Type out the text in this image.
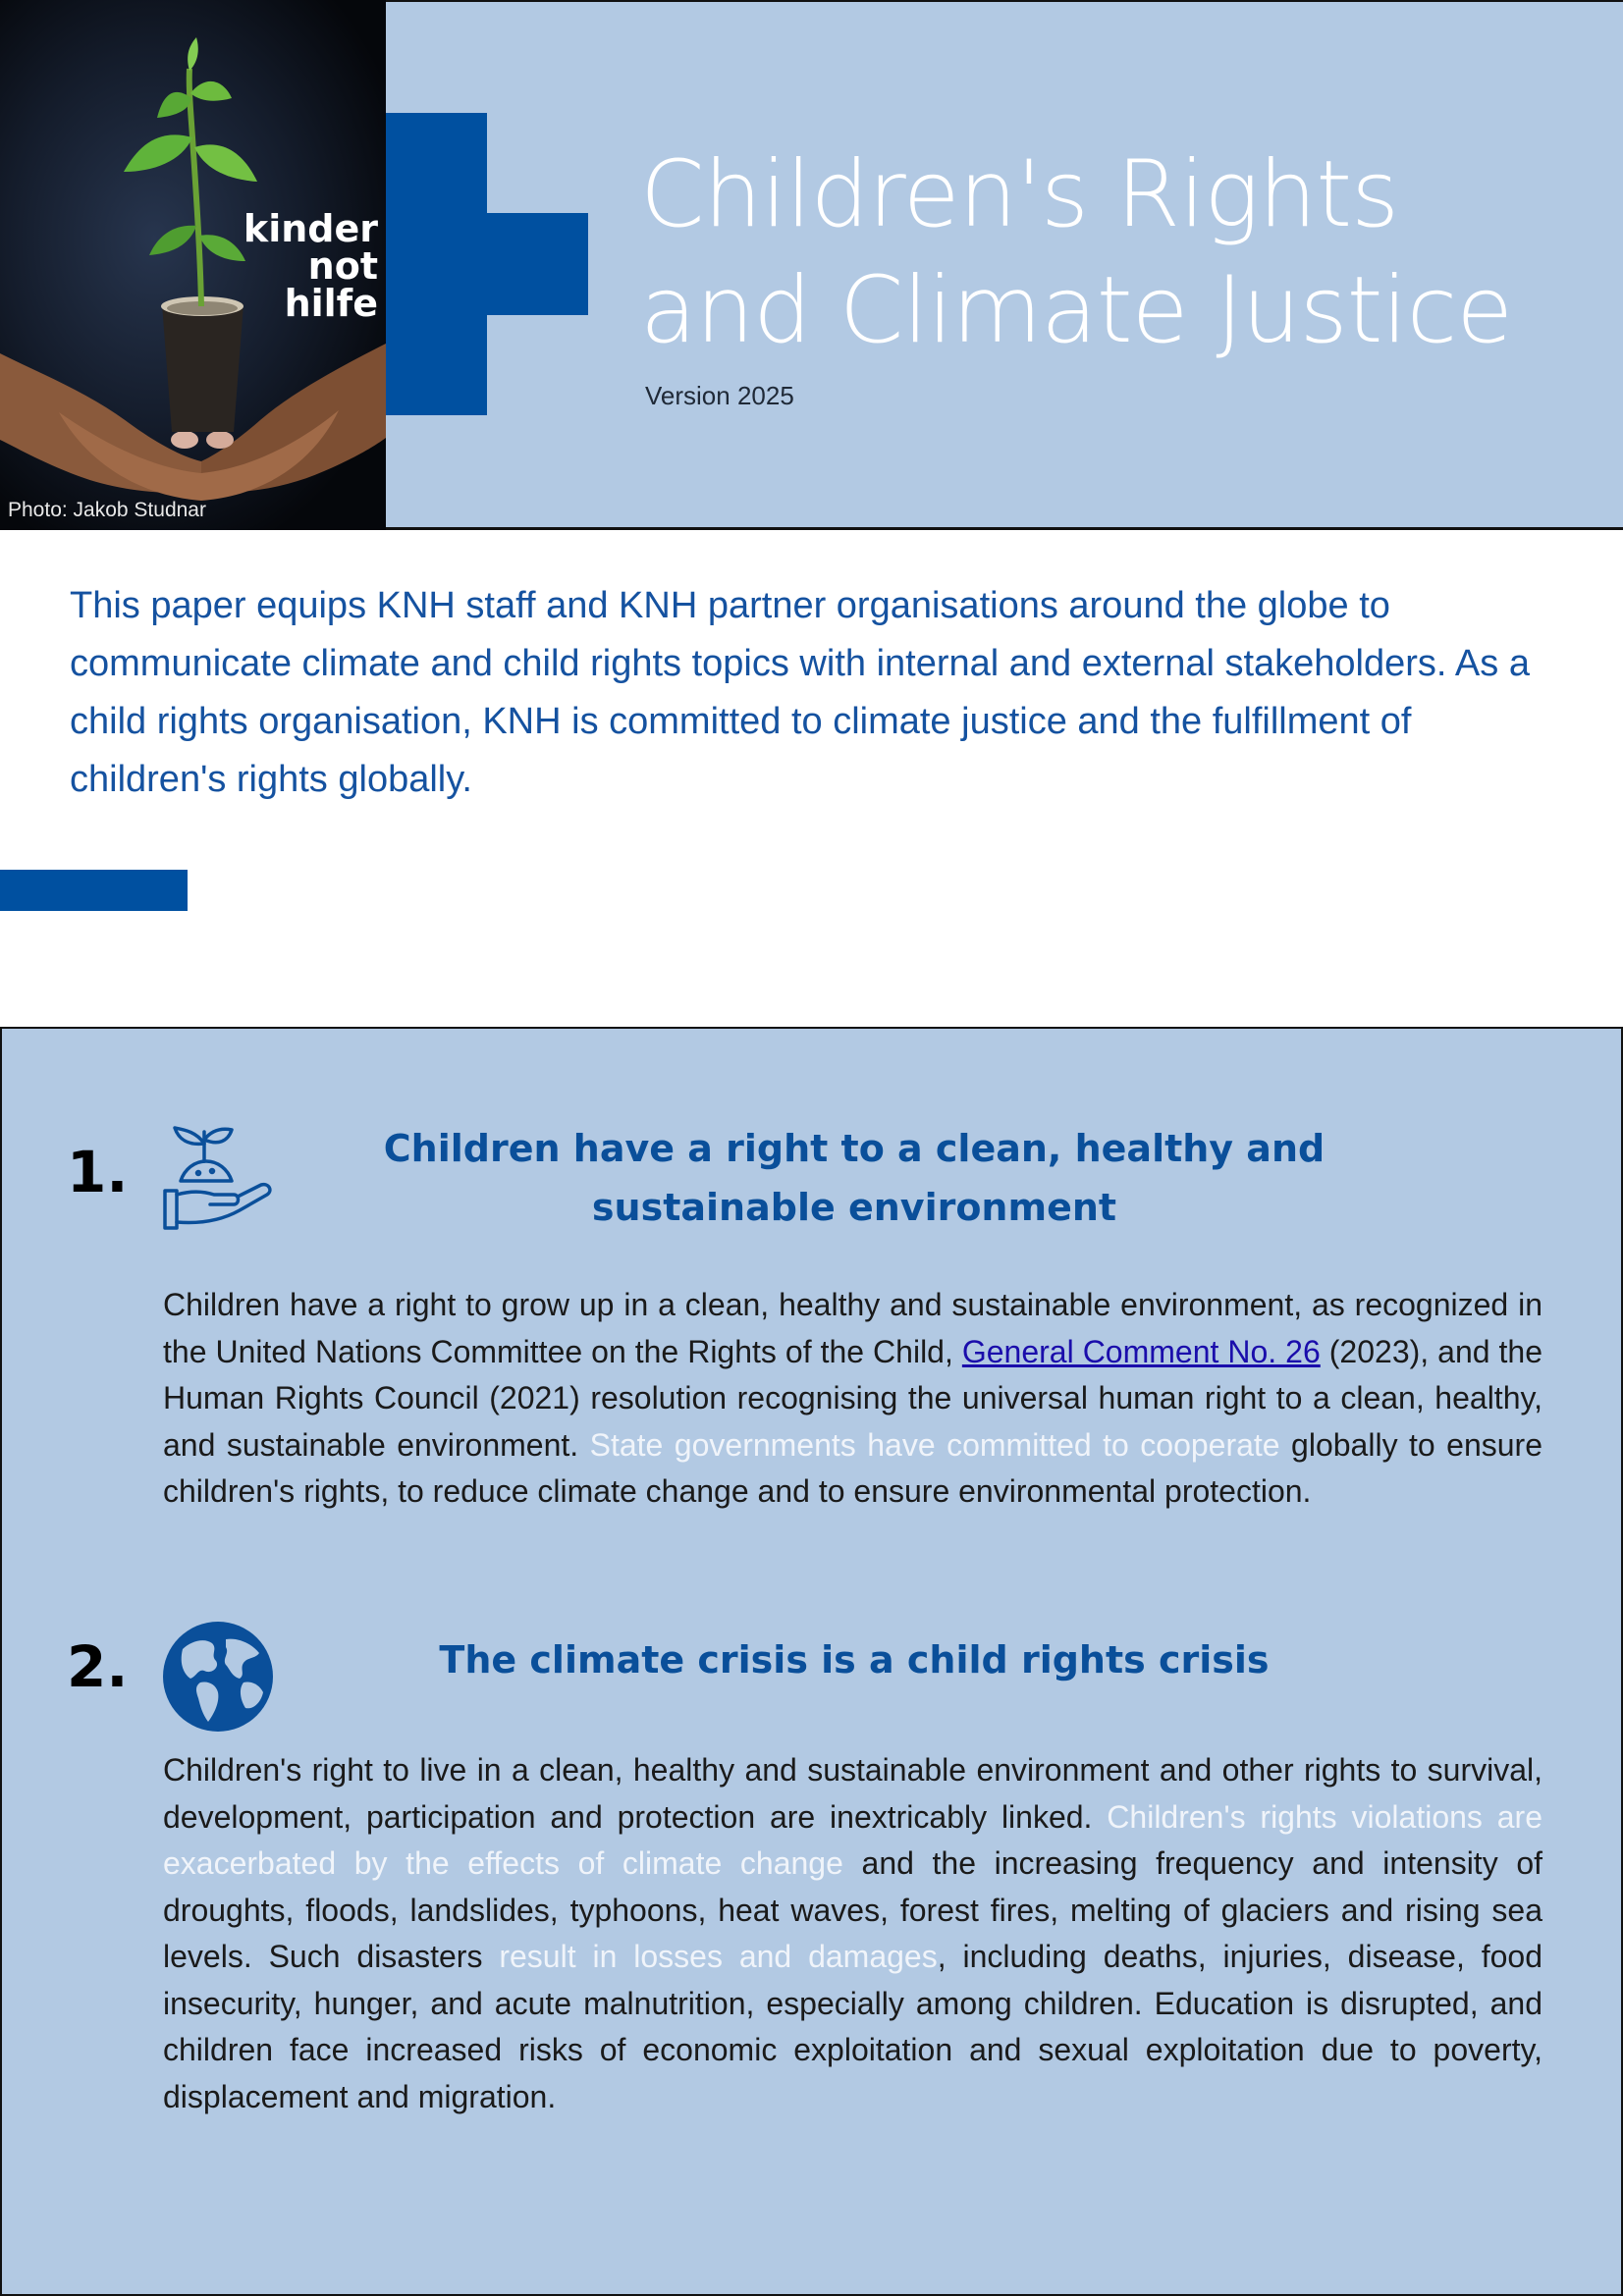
kinder
not
hilfe
Photo: Jakob Studnar
Children's Rights
and Climate Justice
Version 2025
This paper equips KNH staff and KNH partner organisations around the globe to communicate climate and child rights topics with internal and external stakeholders. As a child rights organisation, KNH is committed to climate justice and the fulfillment of children's rights globally.
1.	Children have a right to a clean, healthy and
sustainable environment
Children have a right to grow up in a clean, healthy and sustainable environment, as recognized in the United Nations Committee on the Rights of the Child, General Comment No. 26 (2023), and the Human Rights Council (2021) resolution recognising the universal human right to a clean, healthy, and sustainable environment. State governments have committed to cooperate globally to ensure children's rights, to reduce climate change and to ensure environmental protection.
2.	The climate crisis is a child rights crisis
Children's right to live in a clean, healthy and sustainable environment and other rights to survival, development, participation and protection are inextricably linked. Children's rights violations are exacerbated by the effects of climate change and the increasing frequency and intensity of droughts, floods, landslides, typhoons, heat waves, forest fires, melting of glaciers and rising sea levels. Such disasters result in losses and damages, including deaths, injuries, disease, food insecurity, hunger, and acute malnutrition, especially among children. Education is disrupted, and children face increased risks of economic exploitation and sexual exploitation due to poverty, displacement and migration.
